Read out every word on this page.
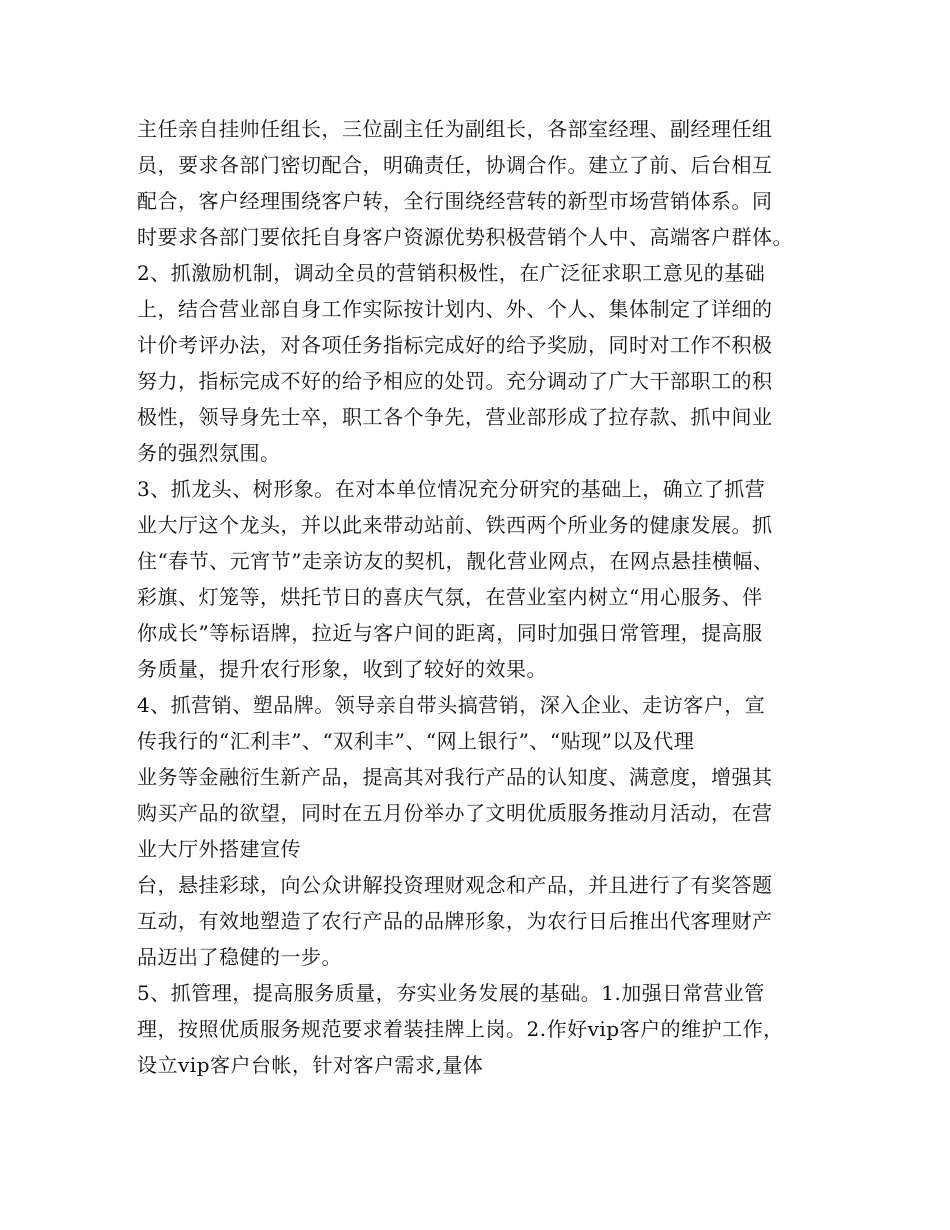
主任亲自挂帅任组长，三位副主任为副组长，各部室经理、副经理任组
员，要求各部门密切配合，明确责任，协调合作。建立了前、后台相互
配合，客户经理围绕客户转，全行围绕经营转的新型市场营销体系。同
时要求各部门要依托自身客户资源优势积极营销个人中、高端客户群体。
2、抓激励机制，调动全员的营销积极性，在广泛征求职工意见的基础
上，结合营业部自身工作实际按计划内、外、个人、集体制定了详细的
计价考评办法，对各项任务指标完成好的给予奖励，同时对工作不积极
努力，指标完成不好的给予相应的处罚。充分调动了广大干部职工的积
极性，领导身先士卒，职工各个争先，营业部形成了拉存款、抓中间业
务的强烈氛围。
3、抓龙头、树形象。在对本单位情况充分研究的基础上，确立了抓营
业大厅这个龙头，并以此来带动站前、铁西两个所业务的健康发展。抓
住“春节、元宵节”走亲访友的契机，靓化营业网点，在网点悬挂横幅、
彩旗、灯笼等，烘托节日的喜庆气氛，在营业室内树立“用心服务、伴
你成长”等标语牌，拉近与客户间的距离，同时加强日常管理，提高服
务质量，提升农行形象，收到了较好的效果。
4、抓营销、塑品牌。领导亲自带头搞营销，深入企业、走访客户，宣
传我行的“汇利丰”、“双利丰”、“网上银行”、“贴现”以及代理
业务等金融衍生新产品，提高其对我行产品的认知度、满意度，增强其
购买产品的欲望，同时在五月份举办了文明优质服务推动月活动，在营
业大厅外搭建宣传
台，悬挂彩球，向公众讲解投资理财观念和产品，并且进行了有奖答题
互动，有效地塑造了农行产品的品牌形象，为农行日后推出代客理财产
品迈出了稳健的一步。
5、抓管理，提高服务质量，夯实业务发展的基础。1.加强日常营业管
理，按照优质服务规范要求着装挂牌上岗。2.作好vip客户的维护工作，
设立vip客户台帐，针对客户需求,量体
